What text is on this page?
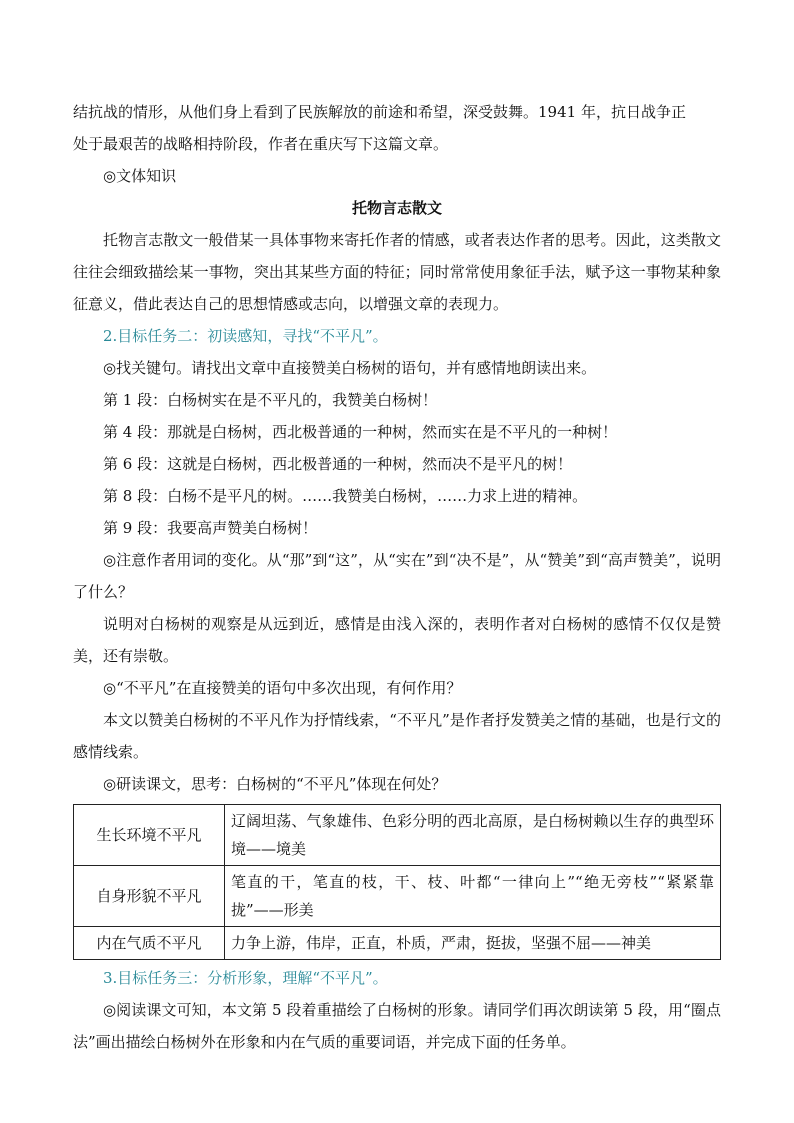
结抗战的情形，从他们身上看到了民族解放的前途和希望，深受鼓舞。1941 年，抗日战争正

处于最艰苦的战略相持阶段，作者在重庆写下这篇文章。

◎文体知识

托物言志散文

托物言志散文一般借某一具体事物来寄托作者的情感，或者表达作者的思考。因此，这类散文往往会细致描绘某一事物，突出其某些方面的特征；同时常常使用象征手法，赋予这一事物某种象征意义，借此表达自己的思想情感或志向，以增强文章的表现力。

2.目标任务二：初读感知，寻找“不平凡”。

◎找关键句。请找出文章中直接赞美白杨树的语句，并有感情地朗读出来。

第 1 段：白杨树实在是不平凡的，我赞美白杨树！

第 4 段：那就是白杨树，西北极普通的一种树，然而实在是不平凡的一种树！

第 6 段：这就是白杨树，西北极普通的一种树，然而决不是平凡的树！

第 8 段：白杨不是平凡的树。……我赞美白杨树，……力求上进的精神。

第 9 段：我要高声赞美白杨树！

◎注意作者用词的变化。从“那”到“这”，从“实在”到“决不是”，从“赞美”到“高声赞美”，说明了什么？

说明对白杨树的观察是从远到近，感情是由浅入深的，表明作者对白杨树的感情不仅仅是赞美，还有崇敬。

◎“不平凡”在直接赞美的语句中多次出现，有何作用？

本文以赞美白杨树的不平凡作为抒情线索，“不平凡”是作者抒发赞美之情的基础，也是行文的感情线索。

◎研读课文，思考：白杨树的“不平凡”体现在何处？

生长环境不平凡	辽阔坦荡、气象雄伟、色彩分明的西北高原，是白杨树赖以生存的典型环境——境美
自身形貌不平凡	笔直的干，笔直的枝，干、枝、叶都“一律向上”“绝无旁枝”“紧紧靠拢”——形美
内在气质不平凡	力争上游，伟岸，正直，朴质，严肃，挺拔，坚强不屈——神美

3.目标任务三：分析形象，理解“不平凡”。

◎阅读课文可知，本文第 5 段着重描绘了白杨树的形象。请同学们再次朗读第 5 段，用“圈点法”画出描绘白杨树外在形象和内在气质的重要词语，并完成下面的任务单。
